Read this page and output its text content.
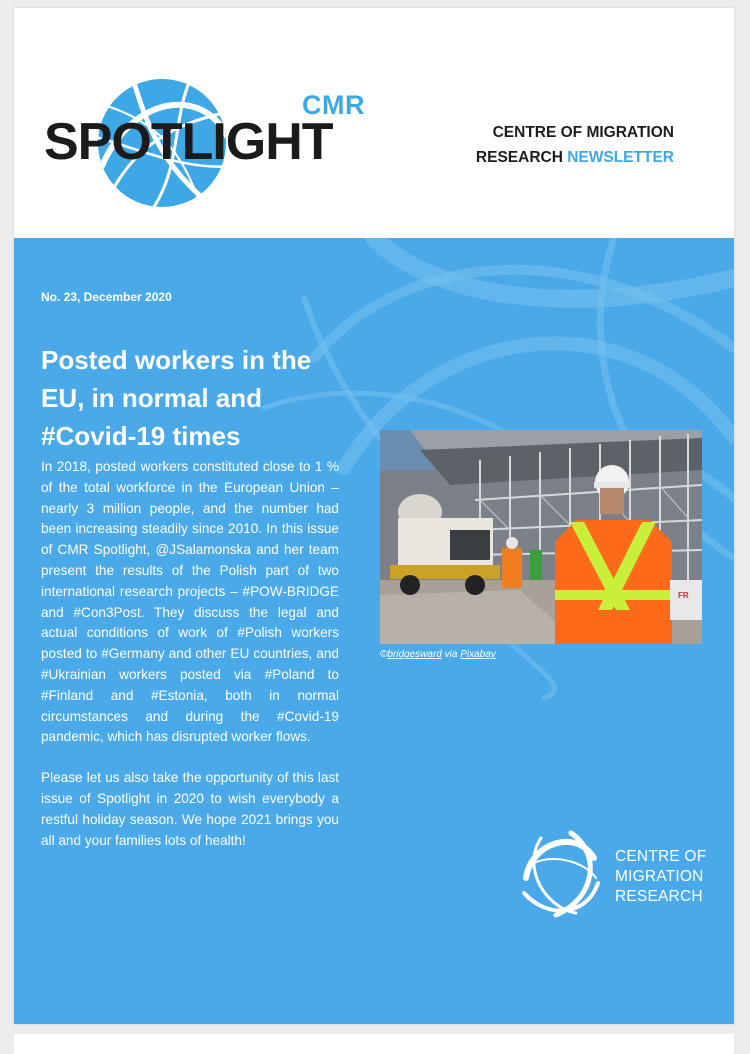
CMR
SPOTLIGHT	CENTRE OF MIGRATION
RESEARCH NEWSLETTER
No. 23, December 2020
Posted workers in the EU, in normal and #Covid-19 times

In 2018, posted workers constituted close to 1 % of the total workforce in the European Union – nearly 3 million people, and the number had been increasing steadily since 2010. In this issue of CMR Spotlight, @JSalamonska and her team present the results of the Polish part of two international research projects – #POW-BRIDGE and #Con3Post. They discuss the legal and actual conditions of work of #Polish workers posted to #Germany and other EU countries, and #Ukrainian workers posted via #Poland to #Finland and #Estonia, both in normal circumstances and during the #Covid-19 pandemic, which has disrupted worker flows.

Please let us also take the opportunity of this last issue of Spotlight in 2020 to wish everybody a restful holiday season. We hope 2021 brings you all and your families lots of health!

FR
©bridgesward via Pixabay
CENTRE OF
MIGRATION
RESEARCH
